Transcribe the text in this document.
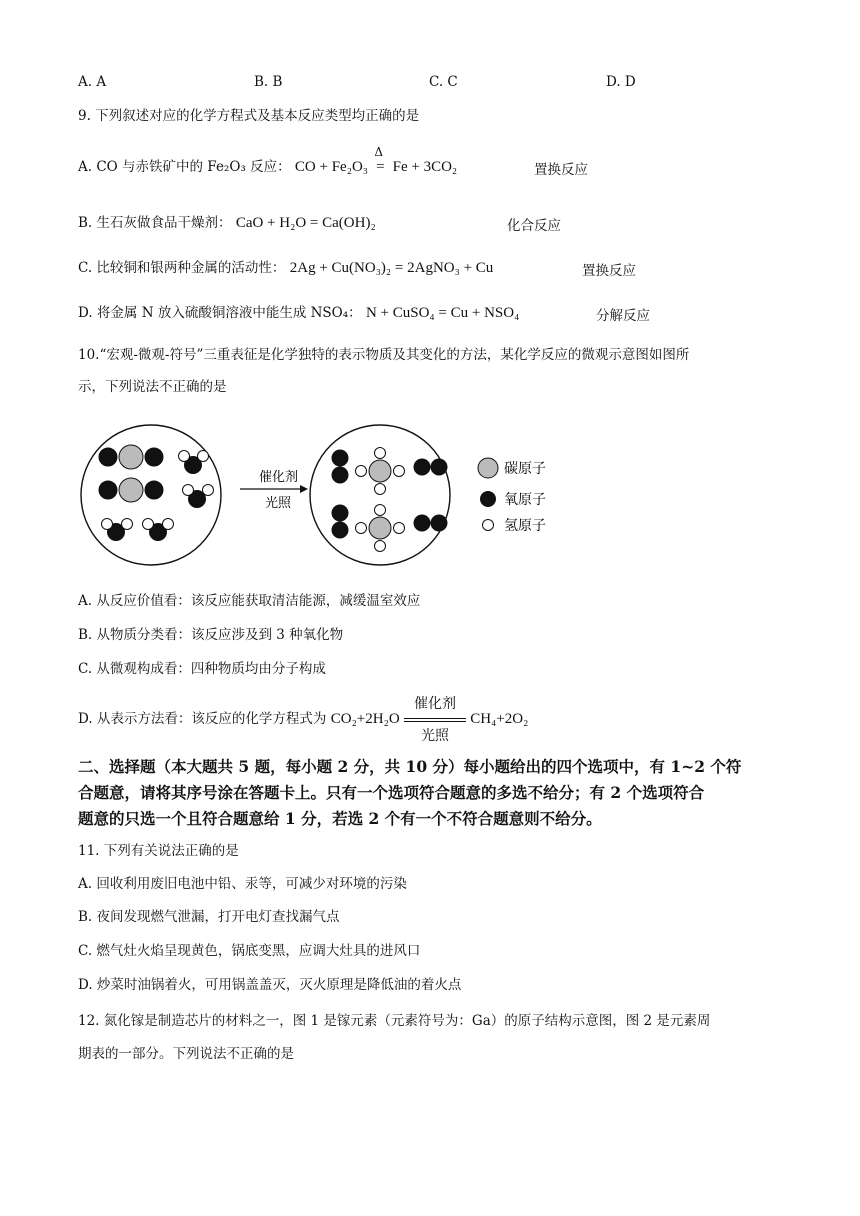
A. A	B. B	C. C	D. D
9. 下列叙述对应的化学方程式及基本反应类型均正确的是
A. CO 与赤铁矿中的 Fe₂O₃ 反应： CO + Fe₂O₃
Δ
= Fe + 3CO₂	置换反应
B. 生石灰做食品干燥剂： CaO + H₂O = Ca(OH)₂	化合反应
C. 比较铜和银两种金属的活动性： 2Ag + Cu(NO₃)₂ = 2AgNO₃ + Cu	置换反应
D. 将金属 N 放入硫酸铜溶液中能生成 NSO₄： N + CuSO₄ = Cu + NSO₄	分解反应
10.“宏观-微观-符号”三重表征是化学独特的表示物质及其变化的方法，某化学反应的微观示意图如图所
示，下列说法不正确的是
催化剂
光照
碳原子
氧原子
氢原子
A. 从反应价值看：该反应能获取清洁能源，减缓温室效应
B. 从物质分类看：该反应涉及到 3 种氧化物
C. 从微观构成看：四种物质均由分子构成
D. 从表示方法看：该反应的化学方程式为 CO₂+2H₂O
催化剂
光照
CH₄+2O₂
二、选择题（本大题共 5 题，每小题 2 分，共 10 分）每小题给出的四个选项中，有 1~2 个符
合题意，请将其序号涂在答题卡上。只有一个选项符合题意的多选不给分；有 2 个选项符合
题意的只选一个且符合题意给 1 分，若选 2 个有一个不符合题意则不给分。
11. 下列有关说法正确的是
A. 回收利用废旧电池中铅、汞等，可减少对环境的污染
B. 夜间发现燃气泄漏，打开电灯查找漏气点
C. 燃气灶火焰呈现黄色，锅底变黑，应调大灶具的进风口
D. 炒菜时油锅着火，可用锅盖盖灭，灭火原理是降低油的着火点
12. 氮化镓是制造芯片的材料之一，图 1 是镓元素（元素符号为：Ga）的原子结构示意图，图 2 是元素周
期表的一部分。下列说法不正确的是
